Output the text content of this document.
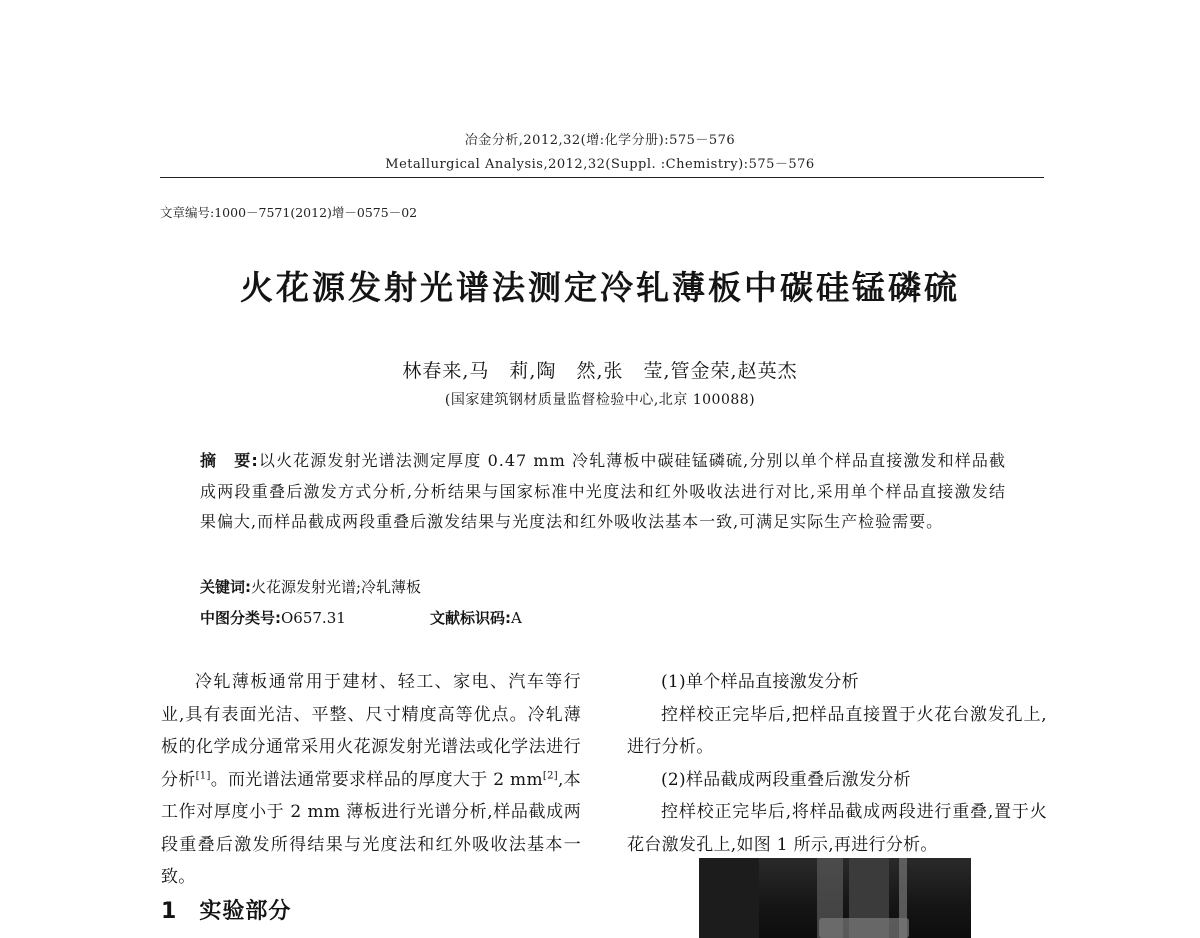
冶金分析,2012,32(增:化学分册):575－576
Metallurgical Analysis,2012,32(Suppl. :Chemistry):575－576
文章编号:1000－7571(2012)增－0575－02
火花源发射光谱法测定冷轧薄板中碳硅锰磷硫
林春来,马　莉,陶　然,张　莹,管金荣,赵英杰
(国家建筑钢材质量监督检验中心,北京 100088)
摘　要:以火花源发射光谱法测定厚度 0.47 mm 冷轧薄板中碳硅锰磷硫,分别以单个样品直接激发和样品截成两段重叠后激发方式分析,分析结果与国家标准中光度法和红外吸收法进行对比,采用单个样品直接激发结果偏大,而样品截成两段重叠后激发结果与光度法和红外吸收法基本一致,可满足实际生产检验需要。
关键词:火花源发射光谱;冷轧薄板
中图分类号:O657.31	文献标识码:A

冷轧薄板通常用于建材、轻工、家电、汽车等行业,具有表面光洁、平整、尺寸精度高等优点。冷轧薄板的化学成分通常采用火花源发射光谱法或化学法进行分析[1]。而光谱法通常要求样品的厚度大于 2 mm[2],本工作对厚度小于 2 mm 薄板进行光谱分析,样品截成两段重叠后激发所得结果与光度法和红外吸收法基本一致。

1 实验部分

(1)单个样品直接激发分析

控样校正完毕后,把样品直接置于火花台激发孔上,进行分析。

(2)样品截成两段重叠后激发分析

控样校正完毕后,将样品截成两段进行重叠,置于火花台激发孔上,如图 1 所示,再进行分析。
